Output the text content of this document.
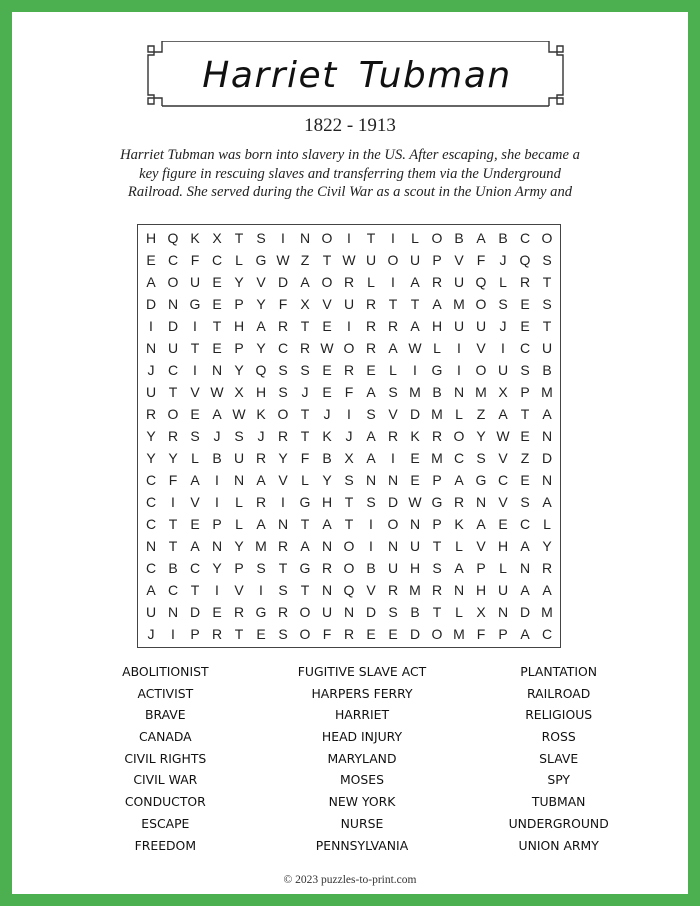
Harriet Tubman
1822 - 1913
Harriet Tubman was born into slavery in the US. After escaping, she became a key figure in rescuing slaves and transferring them via the Underground Railroad. She served during the Civil War as a scout in the Union Army and
H Q K X T S	I	N O	I	T	I	L O B A B C O
E C F C L G W Z T W U O U P V F	J Q S
A O U E Y V D A O R L	I	A R U Q L R T
D N G E P Y F X V U R T T A M O S E S
I	D	I	T H A R T E	I	R R A H U U J E T
N U T E P Y C R W O R A W L	I	V	I	C U
J C	I	N Y Q S S E R E L	I	G	I	O U S B
U T V W X H S J E F A S M B N M X P M
R O E A W K O T	J	I	S V D M L Z A T A
Y R S J S J R T K J A R K R O Y W E N
Y Y L B U R Y F B X A	I	E M C S V Z D
C F A	I	N A V L Y S N N E P A G C E N
C	I	V	I	L R	I	G H T S D W G R N V S A
C T E P L A N T A T	I	O N P K A E C L
N T A N Y M R A N O	I	N U T L V H A Y
C B C Y P S T G R O B U H S A P L N R
A C T	I	V	I	S T N Q V R M R N H U A A
U N D E R G R O U N D S B T L X N D M
J	I	P R T E S O F R E E D O M F P A C
ABOLITIONIST
ACTIVIST
BRAVE
CANADA
CIVIL RIGHTS
CIVIL WAR
CONDUCTOR
ESCAPE
FREEDOM
FUGITIVE SLAVE ACT
HARPERS FERRY
HARRIET
HEAD INJURY
MARYLAND
MOSES
NEW YORK
NURSE
PENNSYLVANIA
PLANTATION
RAILROAD
RELIGIOUS
ROSS
SLAVE
SPY
TUBMAN
UNDERGROUND
UNION ARMY
© 2023 puzzles-to-print.com
